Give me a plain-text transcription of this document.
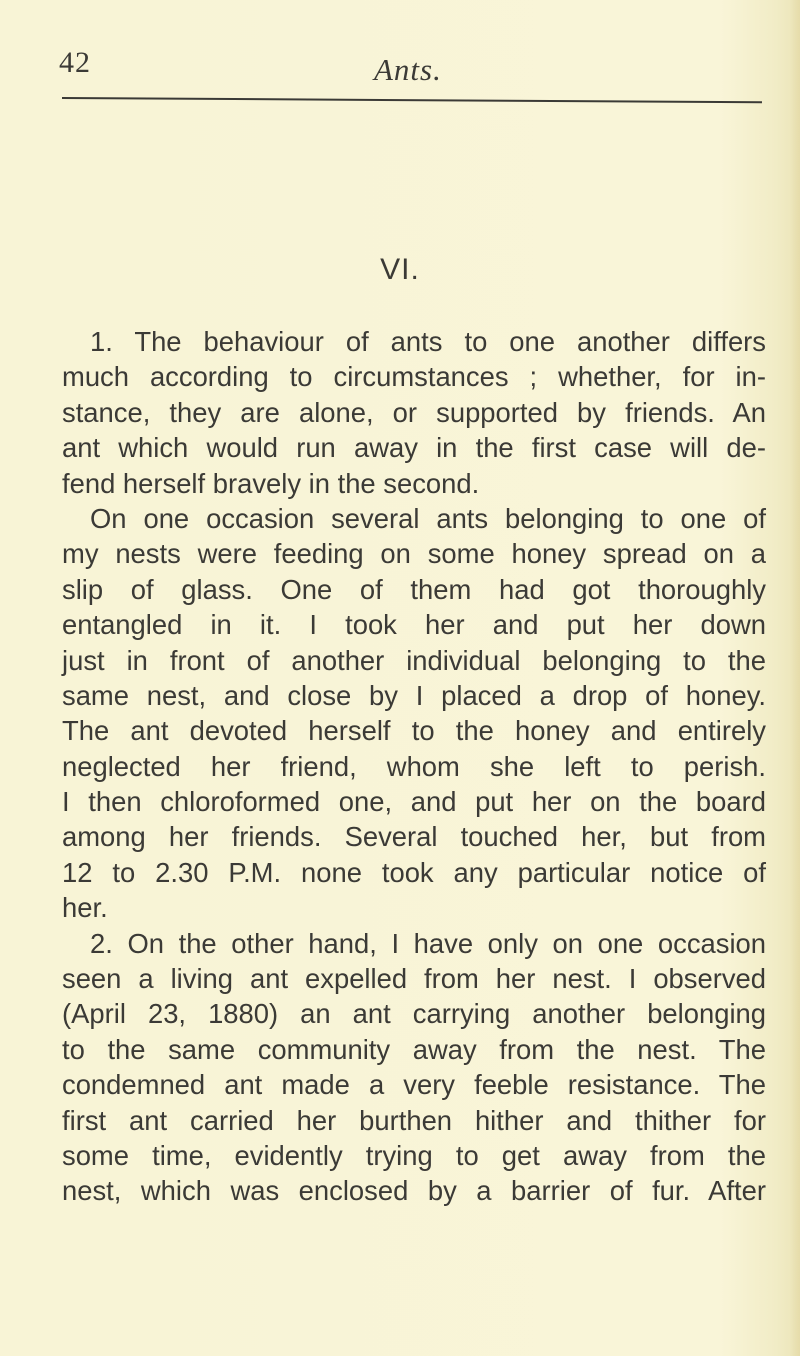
42	Ants.
VI.
1. The behaviour of ants to one another differs
much according to circumstances ; whether, for in-
stance, they are alone, or supported by friends. An
ant which would run away in the first case will de-
fend herself bravely in the second.
On one occasion several ants belonging to one of
my nests were feeding on some honey spread on a
slip of glass. One of them had got thoroughly
entangled in it. I took her and put her down
just in front of another individual belonging to the
same nest, and close by I placed a drop of honey.
The ant devoted herself to the honey and entirely
neglected her friend, whom she left to perish.
I then chloroformed one, and put her on the board
among her friends. Several touched her, but from
12 to 2.30 P.M. none took any particular notice of
her.
2. On the other hand, I have only on one occasion
seen a living ant expelled from her nest. I observed
(April 23, 1880) an ant carrying another belonging
to the same community away from the nest. The
condemned ant made a very feeble resistance. The
first ant carried her burthen hither and thither for
some time, evidently trying to get away from the
nest, which was enclosed by a barrier of fur. After
